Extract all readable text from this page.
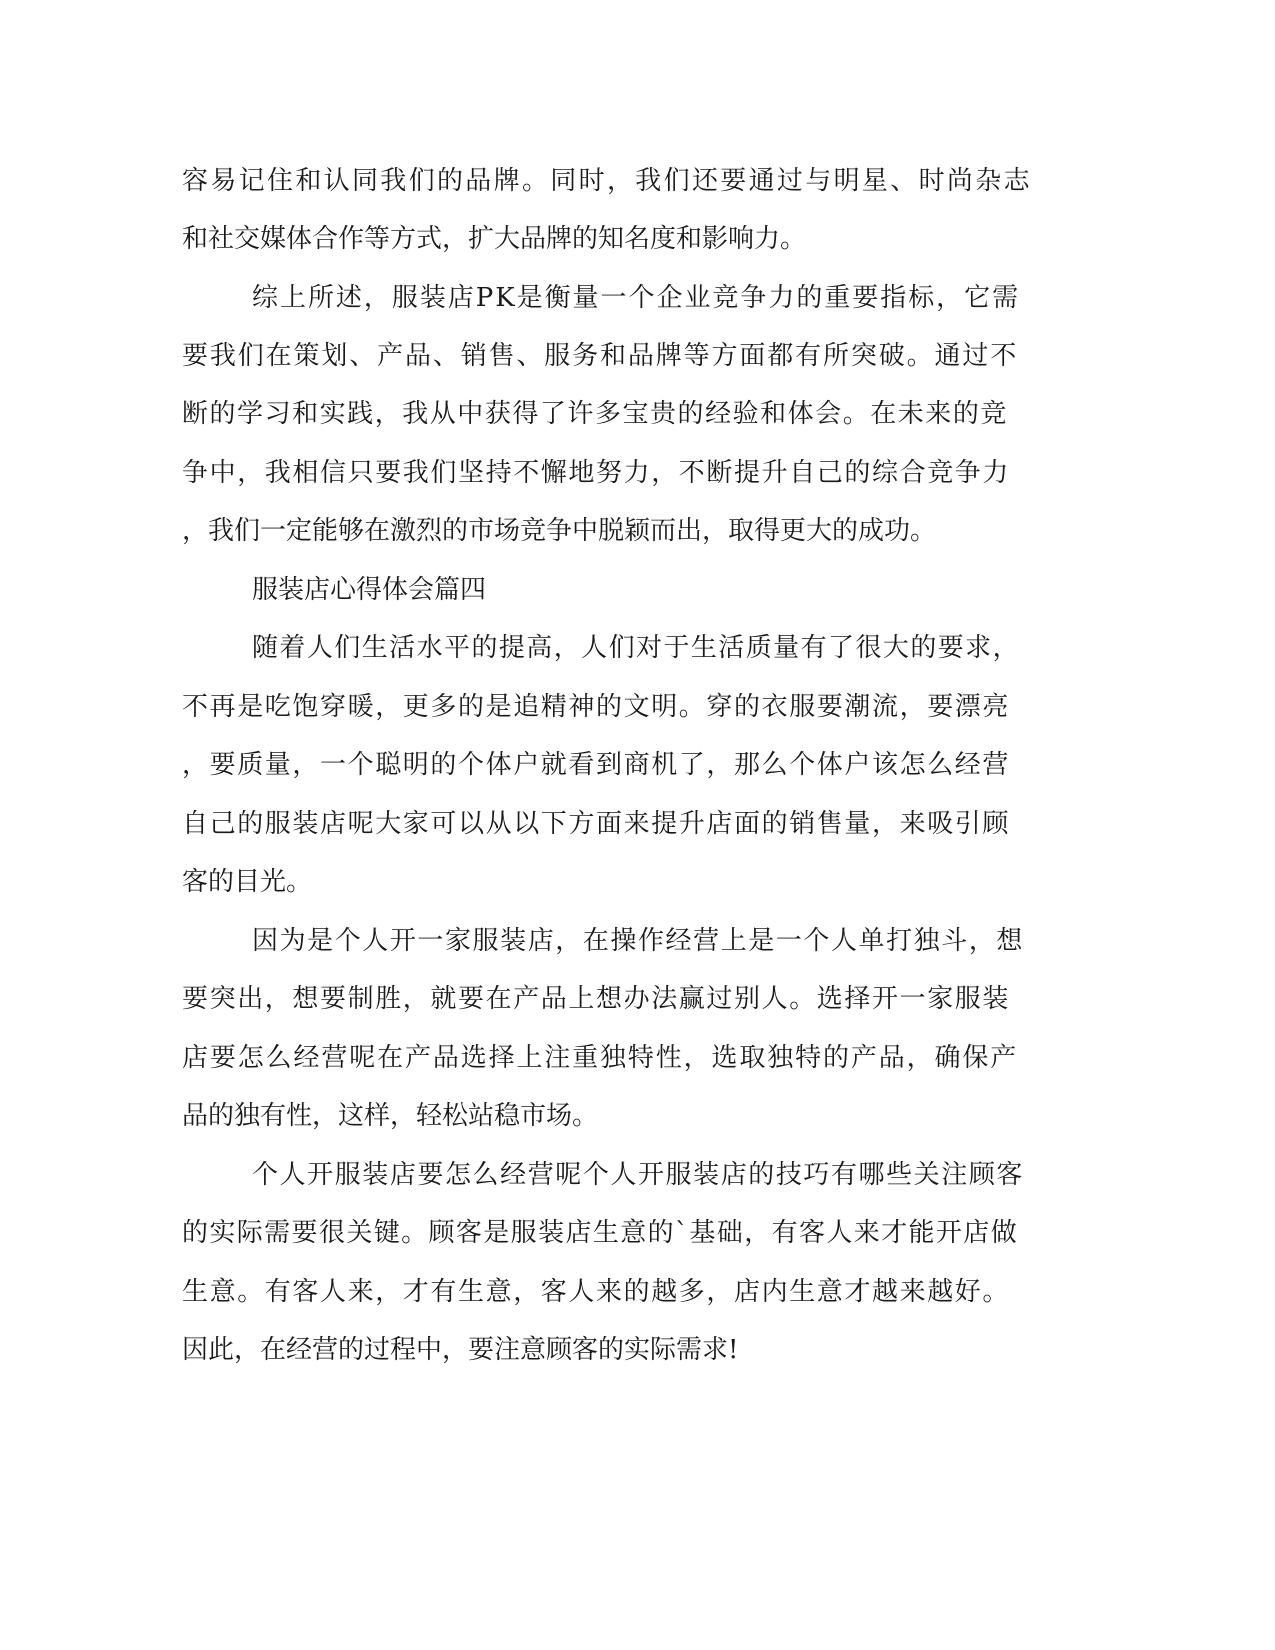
容易记住和认同我们的品牌。同时，我们还要通过与明星、时尚杂志

和社交媒体合作等方式，扩大品牌的知名度和影响力。

综上所述，服装店PK是衡量一个企业竞争力的重要指标，它需

要我们在策划、产品、销售、服务和品牌等方面都有所突破。通过不

断的学习和实践，我从中获得了许多宝贵的经验和体会。在未来的竞

争中，我相信只要我们坚持不懈地努力，不断提升自己的综合竞争力

，我们一定能够在激烈的市场竞争中脱颖而出，取得更大的成功。

服装店心得体会篇四

随着人们生活水平的提高，人们对于生活质量有了很大的要求，

不再是吃饱穿暖，更多的是追精神的文明。穿的衣服要潮流，要漂亮

，要质量，一个聪明的个体户就看到商机了，那么个体户该怎么经营

自己的服装店呢大家可以从以下方面来提升店面的销售量，来吸引顾

客的目光。

因为是个人开一家服装店，在操作经营上是一个人单打独斗，想

要突出，想要制胜，就要在产品上想办法赢过别人。选择开一家服装

店要怎么经营呢在产品选择上注重独特性，选取独特的产品，确保产

品的独有性，这样，轻松站稳市场。

个人开服装店要怎么经营呢个人开服装店的技巧有哪些关注顾客

的实际需要很关键。顾客是服装店生意的`基础，有客人来才能开店做

生意。有客人来，才有生意，客人来的越多，店内生意才越来越好。

因此，在经营的过程中，要注意顾客的实际需求!
